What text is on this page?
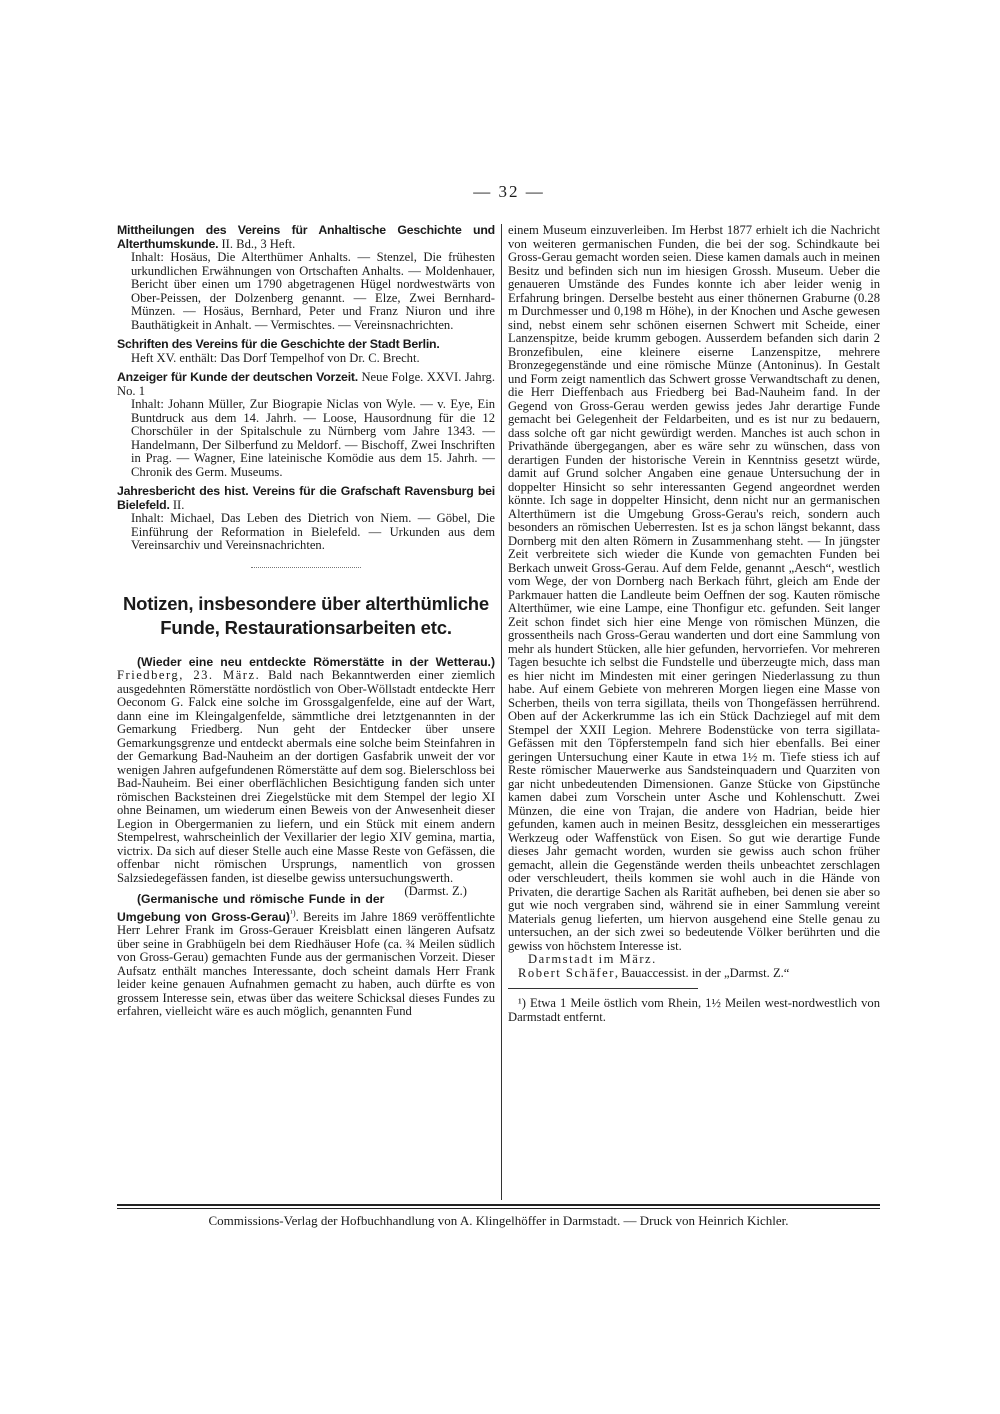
— 32 —
Mittheilungen des Vereins für Anhaltische Geschichte und Alterthumskunde. II. Bd., 3 Heft.
Inhalt: Hosäus, Die Alterthümer Anhalts. — Stenzel, Die frühesten urkundlichen Erwähnungen von Ortschaften Anhalts. — Moldenhauer, Bericht über einen um 1790 abgetragenen Hügel nordwestwärts von Ober-Peissen, der Dolzenberg genannt. — Elze, Zwei Bernhard-Münzen. — Hosäus, Bernhard, Peter und Franz Niuron und ihre Bauthätigkeit in Anhalt. — Vermischtes. — Vereinsnachrichten.
Schriften des Vereins für die Geschichte der Stadt Berlin.
Heft XV. enthält: Das Dorf Tempelhof von Dr. C. Brecht.
Anzeiger für Kunde der deutschen Vorzeit. Neue Folge. XXVI. Jahrg. No. 1
Inhalt: Johann Müller, Zur Biograpie Niclas von Wyle. — v. Eye, Ein Buntdruck aus dem 14. Jahrh. — Loose, Hausordnung für die 12 Chorschüler in der Spitalschule zu Nürnberg vom Jahre 1343. — Handelmann, Der Silberfund zu Meldorf. — Bischoff, Zwei Inschriften in Prag. — Wagner, Eine lateinische Komödie aus dem 15. Jahrh. — Chronik des Germ. Museums.
Jahresbericht des hist. Vereins für die Grafschaft Ravensburg bei Bielefeld. II.
Inhalt: Michael, Das Leben des Dietrich von Niem. — Göbel, Die Einführung der Reformation in Bielefeld. — Urkunden aus dem Vereinsarchiv und Vereinsnachrichten.
Notizen, insbesondere über alterthümliche Funde, Restaurationsarbeiten etc.

(Wieder eine neu entdeckte Römerstätte in der Wetterau.) Friedberg, 23. März. Bald nach Bekanntwerden einer ziemlich ausgedehnten Römerstätte nordöstlich von Ober-Wöllstadt entdeckte Herr Oeconom G. Falck eine solche im Grossgalgenfelde, eine auf der Wart, dann eine im Kleingalgenfelde, sämmtliche drei letztgenannten in der Gemarkung Friedberg. Nun geht der Entdecker über unsere Gemarkungsgrenze und entdeckt abermals eine solche beim Steinfahren in der Gemarkung Bad-Nauheim an der dortigen Gasfabrik unweit der vor wenigen Jahren aufgefundenen Römerstätte auf dem sog. Bielerschloss bei Bad-Nauheim. Bei einer oberflächlichen Besichtigung fanden sich unter römischen Backsteinen drei Ziegelstücke mit dem Stempel der legio XI ohne Beinamen, um wiederum einen Beweis von der Anwesenheit dieser Legion in Obergermanien zu liefern, und ein Stück mit einem andern Stempelrest, wahrscheinlich der Vexillarier der legio XIV gemina, martia, victrix. Da sich auf dieser Stelle auch eine Masse Reste von Gefässen, die offenbar nicht römischen Ursprungs, namentlich von grossen Salzsiedegefässen fanden, ist dieselbe gewiss untersuchungswerth.
(Darmst. Z.)

(Germanische und römische Funde in der Umgebung von Gross-Gerau)$^{^1)}$. Bereits im Jahre 1869 veröffentlichte Herr Lehrer Frank im Gross-Gerauer Kreisblatt einen längeren Aufsatz über seine in Grabhügeln bei dem Riedhäuser Hofe (ca. ¾ Meilen südlich von Gross-Gerau) gemachten Funde aus der germanischen Vorzeit. Dieser Aufsatz enthält manches Interessante, doch scheint damals Herr Frank leider keine genauen Aufnahmen gemacht zu haben, auch dürfte es von grossem Interesse sein, etwas über das weitere Schicksal dieses Fundes zu erfahren, vielleicht wäre es auch möglich, genannten Fund

einem Museum einzuverleiben. Im Herbst 1877 erhielt ich die Nachricht von weiteren germanischen Funden, die bei der sog. Schindkaute bei Gross-Gerau gemacht worden seien. Diese kamen damals auch in meinen Besitz und befinden sich nun im hiesigen Grossh. Museum. Ueber die genaueren Umstände des Fundes konnte ich aber leider wenig in Erfahrung bringen. Derselbe besteht aus einer thönernen Graburne (0.28 m Durchmesser und 0,198 m Höhe), in der Knochen und Asche gewesen sind, nebst einem sehr schönen eisernen Schwert mit Scheide, einer Lanzenspitze, beide krumm gebogen. Ausserdem befanden sich darin 2 Bronzefibulen, eine kleinere eiserne Lanzenspitze, mehrere Bronzegegenstände und eine römische Münze (Antoninus). In Gestalt und Form zeigt namentlich das Schwert grosse Verwandtschaft zu denen, die Herr Dieffenbach aus Friedberg bei Bad-Nauheim fand. In der Gegend von Gross-Gerau werden gewiss jedes Jahr derartige Funde gemacht bei Gelegenheit der Feldarbeiten, und es ist nur zu bedauern, dass solche oft gar nicht gewürdigt werden. Manches ist auch schon in Privathände übergegangen, aber es wäre sehr zu wünschen, dass von derartigen Funden der historische Verein in Kenntniss gesetzt würde, damit auf Grund solcher Angaben eine genaue Untersuchung der in doppelter Hinsicht so sehr interessanten Gegend angeordnet werden könnte. Ich sage in doppelter Hinsicht, denn nicht nur an germanischen Alterthümern ist die Umgebung Gross-Gerau's reich, sondern auch besonders an römischen Ueberresten. Ist es ja schon längst bekannt, dass Dornberg mit den alten Römern in Zusammenhang steht. — In jüngster Zeit verbreitete sich wieder die Kunde von gemachten Funden bei Berkach unweit Gross-Gerau. Auf dem Felde, genannt „Aesch“, westlich vom Wege, der von Dornberg nach Berkach führt, gleich am Ende der Parkmauer hatten die Landleute beim Oeffnen der sog. Kauten römische Alterthümer, wie eine Lampe, eine Thonfigur etc. gefunden. Seit langer Zeit schon findet sich hier eine Menge von römischen Münzen, die grossentheils nach Gross-Gerau wanderten und dort eine Sammlung von mehr als hundert Stücken, alle hier gefunden, hervorriefen. Vor mehreren Tagen besuchte ich selbst die Fundstelle und überzeugte mich, dass man es hier nicht im Mindesten mit einer geringen Niederlassung zu thun habe. Auf einem Gebiete von mehreren Morgen liegen eine Masse von Scherben, theils von terra sigillata, theils von Thongefässen herrührend. Oben auf der Ackerkrumme las ich ein Stück Dachziegel auf mit dem Stempel der XXII Legion. Mehrere Bodenstücke von terra sigillata-Gefässen mit den Töpferstempeln fand sich hier ebenfalls. Bei einer geringen Untersuchung einer Kaute in etwa 1½ m. Tiefe stiess ich auf Reste römischer Mauerwerke aus Sandsteinquadern und Quarziten von gar nicht unbedeutenden Dimensionen. Ganze Stücke von Gipstünche kamen dabei zum Vorschein unter Asche und Kohlenschutt. Zwei Münzen, die eine von Trajan, die andere von Hadrian, beide hier gefunden, kamen auch in meinen Besitz, dessgleichen ein messerartiges Werkzeug oder Waffenstück von Eisen. So gut wie derartige Funde dieses Jahr gemacht worden, wurden sie gewiss auch schon früher gemacht, allein die Gegenstände werden theils unbeachtet zerschlagen oder verschleudert, theils kommen sie wohl auch in die Hände von Privaten, die derartige Sachen als Rarität aufheben, bei denen sie aber so gut wie noch vergraben sind, während sie in einer Sammlung vereint Materials genug lieferten, um hiervon ausgehend eine Stelle genau zu untersuchen, an der sich zwei so bedeutende Völker berührten und die gewiss von höchstem Interesse ist.

Darmstadt im März.

Robert Schäfer, Bauaccessist. in der „Darmst. Z.“

¹) Etwa 1 Meile östlich vom Rhein, 1½ Meilen west-nordwestlich von Darmstadt entfernt.

Commissions-Verlag der Hofbuchhandlung von A. Klingelhöffer in Darmstadt. — Druck von Heinrich Kichler.
